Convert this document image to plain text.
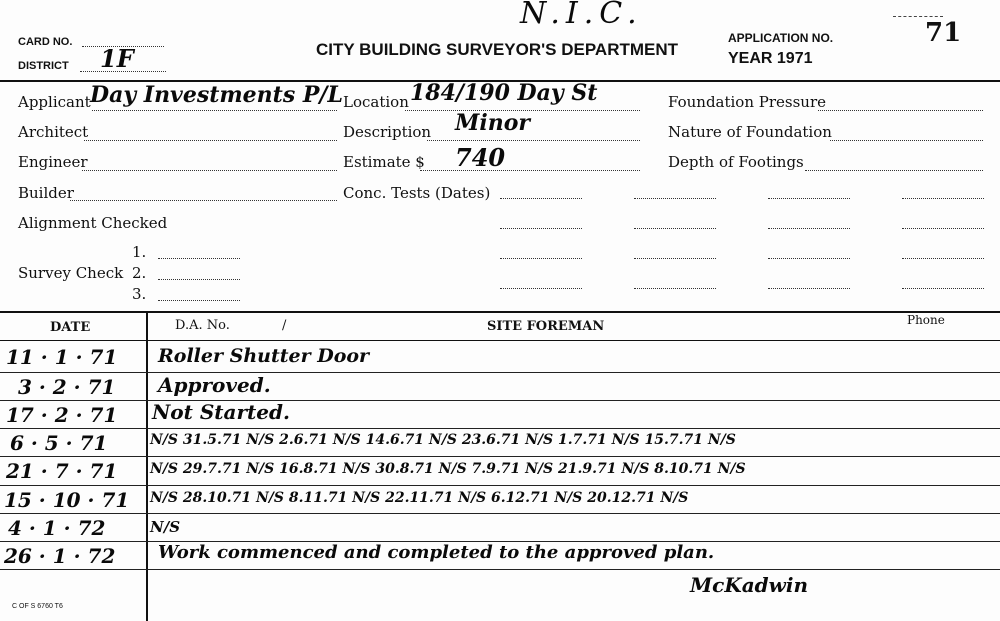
N.I.C.
CARD NO.
DISTRICT 1F	CITY BUILDING SURVEYOR'S DEPARTMENT
APPLICATION NO.
YEAR 1971
71
Applicant Day Investments P/L
Architect
Engineer
Builder
Alignment Checked
1.
Survey Check 2.
3.
Location 184/190 Day St
Description Minor
Estimate $ 740
Conc. Tests (Dates)
Foundation Pressure
Nature of Foundation
Depth of Footings
DATE	D.A. No.	/	SITE FOREMAN	Phone
11 · 1 · 71 Roller Shutter Door
3 · 2 · 71 Approved.
17 · 2 · 71 Not Started.
6 · 5 · 71	N/S 31.5.71 N/S 2.6.71 N/S 14.6.71 N/S 23.6.71 N/S 1.7.71 N/S 15.7.71 N/S
21 · 7 · 71 N/S 29.7.71 N/S 16.8.71 N/S 30.8.71 N/S 7.9.71 N/S 21.9.71 N/S 8.10.71 N/S
15 · 10 · 71 N/S 28.10.71 N/S 8.11.71 N/S 22.11.71 N/S 6.12.71 N/S 20.12.71 N/S
4 · 1 · 72	N/S
26 · 1 · 72 Work commenced and completed to the approved plan.
McKadwin
C OF S 6760 T6
